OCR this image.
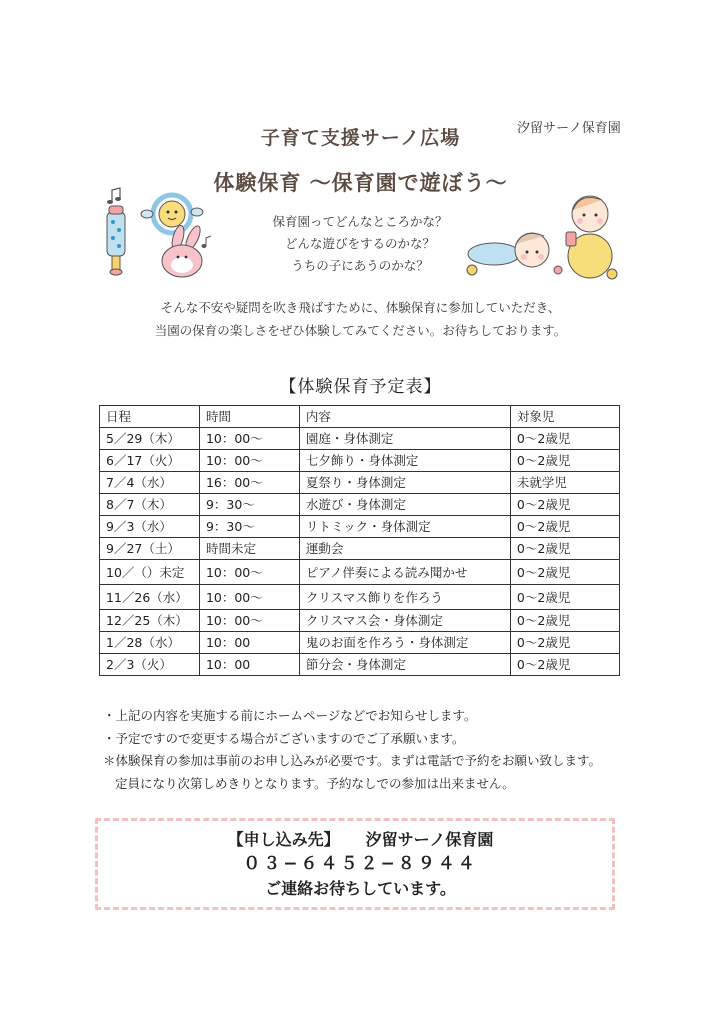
汐留サーノ保育園
子育て支援サーノ広場
体験保育 ～保育園で遊ぼう～
保育園ってどんなところかな？
どんな遊びをするのかな？
うちの子にあうのかな？
そんな不安や疑問を吹き飛ばすために、体験保育に参加していただき、
当園の保育の楽しさをぜひ体験してみてください。お待ちしております。
【体験保育予定表】
日程	時間	内容	対象児
5／29（木）	10：00～	園庭・身体測定	0～2歳児
6／17（火）	10：00～	七夕飾り・身体測定	0～2歳児
7／4（水）	16：00～	夏祭り・身体測定	未就学児
8／7（木）	9：30～	水遊び・身体測定	0～2歳児
9／3（水）	9：30～	リトミック・身体測定	0～2歳児
9／27（土）	時間未定	運動会	0～2歳児
10／（）未定	10：00～	ピアノ伴奏による読み聞かせ	0～2歳児
11／26（水）	10：00～	クリスマス飾りを作ろう	0～2歳児
12／25（木）	10：00～	クリスマス会・身体測定	0～2歳児
1／28（水）	10：00	鬼のお面を作ろう・身体測定	0～2歳児
2／3（火）	10：00	節分会・身体測定	0～2歳児
・上記の内容を実施する前にホームページなどでお知らせします。
・予定ですので変更する場合がございますのでご了承願います。
＊体験保育の参加は事前のお申し込みが必要です。まずは電話で予約をお願い致します。
定員になり次第しめきりとなります。予約なしでの参加は出来ません。
【申し込み先】 汐留サーノ保育園
０３−６４５２−８９４４
ご連絡お待ちしています。
